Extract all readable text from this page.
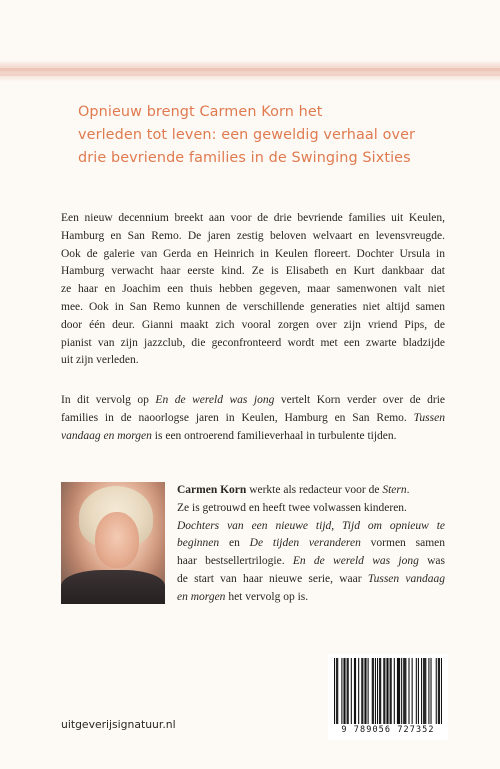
Opnieuw brengt Carmen Korn het
verleden tot leven: een geweldig verhaal over
drie bevriende families in de Swinging Sixties
Een nieuw decennium breekt aan voor de drie bevriende families uit Keulen,
Hamburg en San Remo. De jaren zestig beloven welvaart en levensvreugde.
Ook de galerie van Gerda en Heinrich in Keulen floreert. Dochter Ursula in
Hamburg verwacht haar eerste kind. Ze is Elisabeth en Kurt dankbaar dat
ze haar en Joachim een thuis hebben gegeven, maar samenwonen valt niet
mee. Ook in San Remo kunnen de verschillende generaties niet altijd samen
door één deur. Gianni maakt zich vooral zorgen over zijn vriend Pips, de
pianist van zijn jazzclub, die geconfronteerd wordt met een zwarte bladzijde
uit zijn verleden.
In dit vervolg op En de wereld was jong vertelt Korn verder over de drie
families in de naoorlogse jaren in Keulen, Hamburg en San Remo. Tussen
vandaag en morgen is een ontroerend familieverhaal in turbulente tijden.
Carmen Korn werkte als redacteur voor de Stern.
Ze is getrouwd en heeft twee volwassen kinderen.
Dochters van een nieuwe tijd, Tijd om opnieuw te
beginnen en De tijden veranderen vormen samen
haar bestsellertrilogie. En de wereld was jong was
de start van haar nieuwe serie, waar Tussen vandaag
en morgen het vervolg op is.
uitgeverijsignatuur.nl	9 789056 727352
